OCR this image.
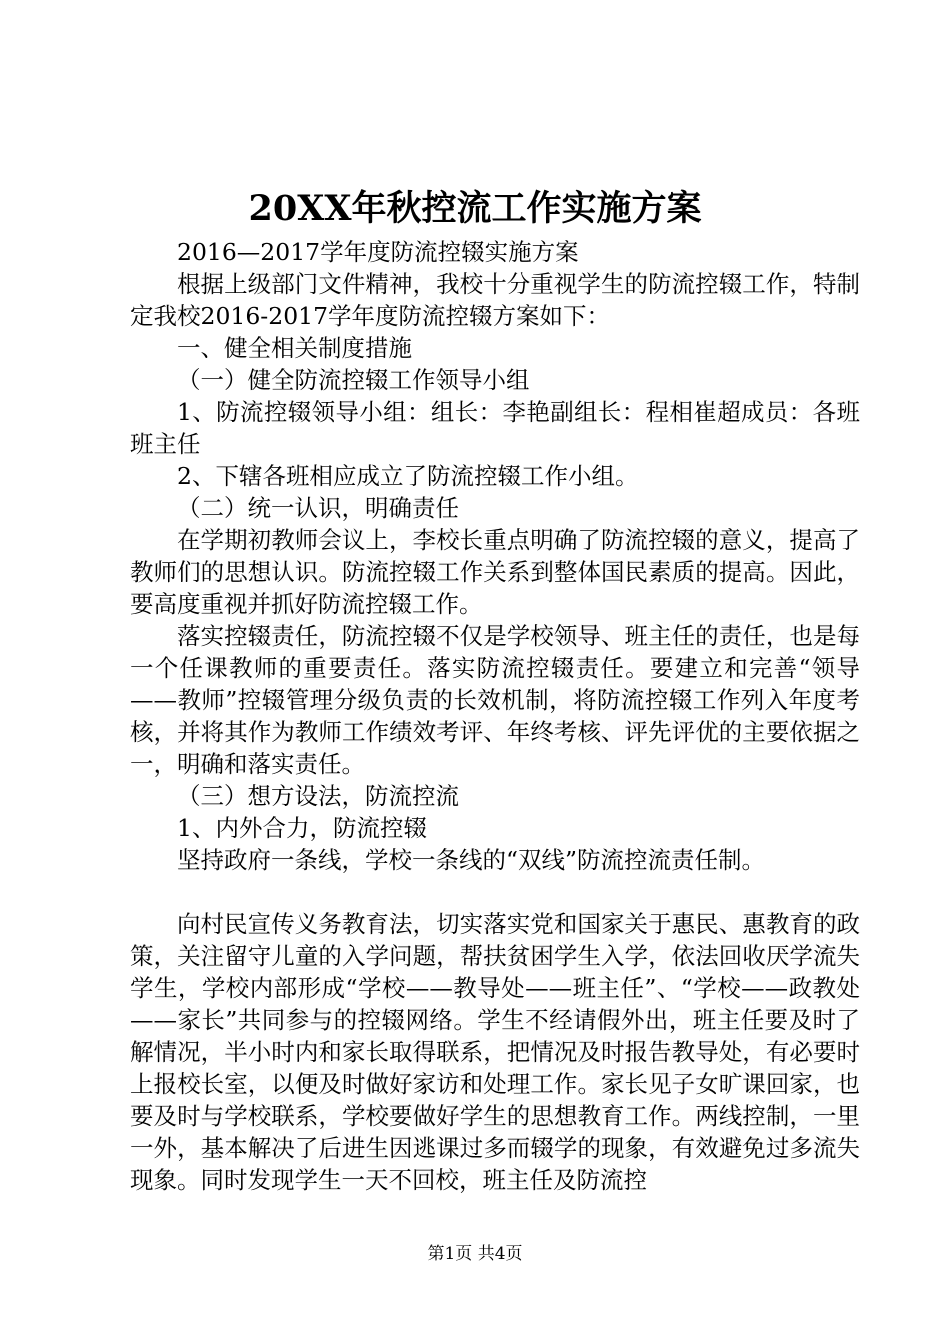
20XX年秋控流工作实施方案

2016—2017学年度防流控辍实施方案

根据上级部门文件精神，我校十分重视学生的防流控辍工作，特制定我校2016-2017学年度防流控辍方案如下：

一、健全相关制度措施

（一）健全防流控辍工作领导小组

1、防流控辍领导小组：组长：李艳副组长：程相崔超成员：各班班主任

2、下辖各班相应成立了防流控辍工作小组。

（二）统一认识，明确责任

在学期初教师会议上，李校长重点明确了防流控辍的意义，提高了教师们的思想认识。防流控辍工作关系到整体国民素质的提高。因此，要高度重视并抓好防流控辍工作。

落实控辍责任，防流控辍不仅是学校领导、班主任的责任，也是每一个任课教师的重要责任。落实防流控辍责任。要建立和完善“领导——教师”控辍管理分级负责的长效机制，将防流控辍工作列入年度考核，并将其作为教师工作绩效考评、年终考核、评先评优的主要依据之一，明确和落实责任。

（三）想方设法，防流控流

1、内外合力，防流控辍

坚持政府一条线，学校一条线的“双线”防流控流责任制。

向村民宣传义务教育法，切实落实党和国家关于惠民、惠教育的政策，关注留守儿童的入学问题，帮扶贫困学生入学，依法回收厌学流失学生，学校内部形成“学校——教导处——班主任”、“学校——政教处——家长”共同参与的控辍网络。学生不经请假外出，班主任要及时了解情况，半小时内和家长取得联系，把情况及时报告教导处，有必要时上报校长室，以便及时做好家访和处理工作。家长见子女旷课回家，也要及时与学校联系，学校要做好学生的思想教育工作。两线控制，一里一外，基本解决了后进生因逃课过多而辍学的现象，有效避免过多流失现象。同时发现学生一天不回校，班主任及防流控

第1页 共4页
